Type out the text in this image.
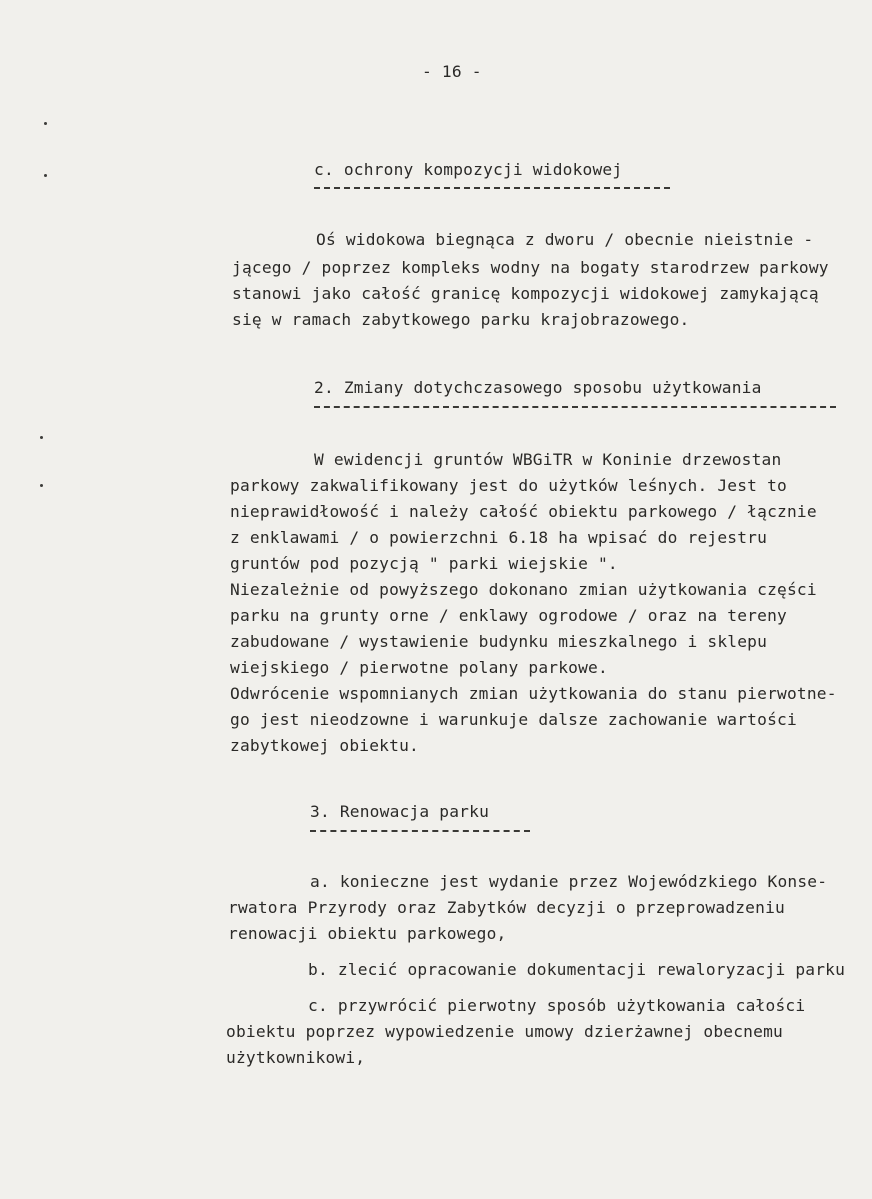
- 16 -
c. ochrony kompozycji widokowej
Oś widokowa biegnąca z dworu / obecnie nieistnie -
jącego / poprzez kompleks wodny na bogaty starodrzew parkowy
stanowi jako całość granicę kompozycji widokowej zamykającą
się w ramach zabytkowego parku krajobrazowego.
2. Zmiany dotychczasowego sposobu użytkowania
W ewidencji gruntów WBGiTR w Koninie drzewostan
parkowy zakwalifikowany jest do użytków leśnych. Jest to
nieprawidłowość i należy całość obiektu parkowego / łącznie
z enklawami / o powierzchni 6.18 ha wpisać do rejestru
gruntów pod pozycją " parki wiejskie ".
Niezależnie od powyższego dokonano zmian użytkowania części
parku na grunty orne / enklawy ogrodowe / oraz na tereny
zabudowane / wystawienie budynku mieszkalnego i sklepu
wiejskiego / pierwotne polany parkowe.
Odwrócenie wspomnianych zmian użytkowania do stanu pierwotne-
go jest nieodzowne i warunkuje dalsze zachowanie wartości
zabytkowej obiektu.
3. Renowacja parku
a. konieczne jest wydanie przez Wojewódzkiego Konse-
rwatora Przyrody oraz Zabytków decyzji o przeprowadzeniu
renowacji obiektu parkowego,
b. zlecić opracowanie dokumentacji rewaloryzacji parku
c. przywrócić pierwotny sposób użytkowania całości
obiektu poprzez wypowiedzenie umowy dzierżawnej obecnemu
użytkownikowi,
